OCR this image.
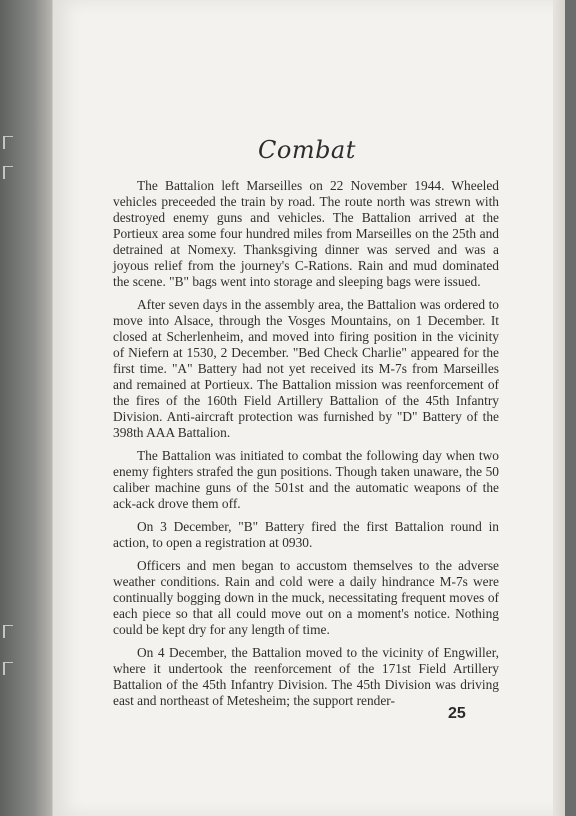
Combat

The Battalion left Marseilles on 22 November 1944. Wheeled vehicles preceeded the train by road. The route north was strewn with destroyed enemy guns and vehicles. The Battalion arrived at the Portieux area some four hundred miles from Marseilles on the 25th and detrained at Nomexy. Thanksgiving dinner was served and was a joyous relief from the journey's C-Rations. Rain and mud dominated the scene. "B" bags went into storage and sleeping bags were issued.

After seven days in the assembly area, the Battalion was ordered to move into Alsace, through the Vosges Mountains, on 1 December. It closed at Scherlenheim, and moved into firing position in the vicinity of Niefern at 1530, 2 December. "Bed Check Charlie" appeared for the first time. "A" Battery had not yet received its M-7s from Marseilles and remained at Portieux. The Battalion mission was reenforcement of the fires of the 160th Field Artillery Battalion of the 45th Infantry Division. Anti-aircraft protection was furnished by "D" Battery of the 398th AAA Battalion.

The Battalion was initiated to combat the following day when two enemy fighters strafed the gun positions. Though taken unaware, the 50 caliber machine guns of the 501st and the automatic weapons of the ack-ack drove them off.

On 3 December, "B" Battery fired the first Battalion round in action, to open a registration at 0930.

Officers and men began to accustom themselves to the adverse weather conditions. Rain and cold were a daily hindrance M-7s were continually bogging down in the muck, necessitating frequent moves of each piece so that all could move out on a moment's notice. Nothing could be kept dry for any length of time.

On 4 December, the Battalion moved to the vicinity of Engwiller, where it undertook the reenforcement of the 171st Field Artillery Battalion of the 45th Infantry Division. The 45th Division was driving east and northeast of Metesheim; the support render-

25
